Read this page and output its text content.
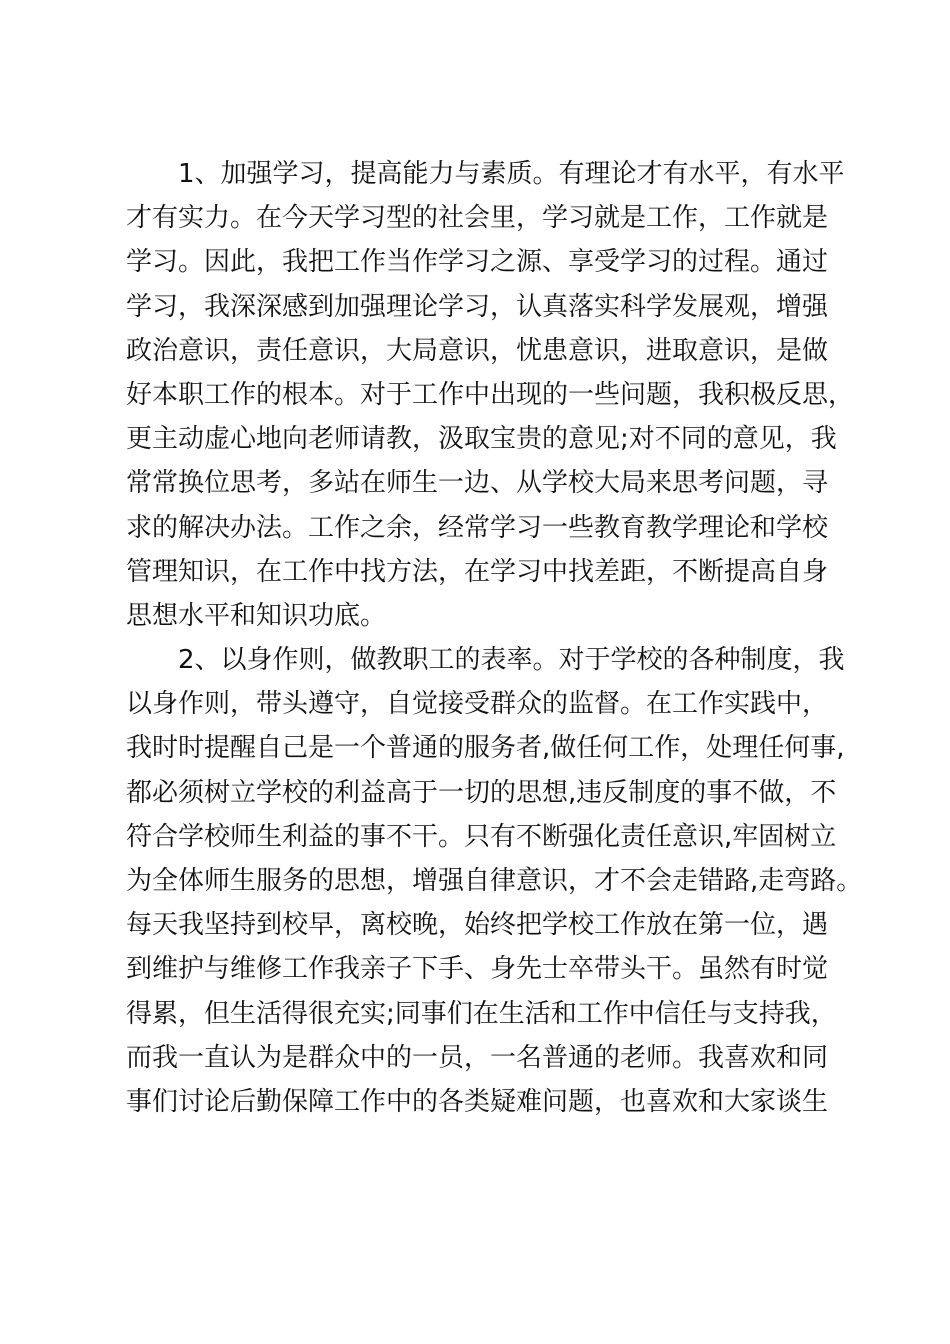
1、加强学习，提高能力与素质。有理论才有水平，有水平
才有实力。在今天学习型的社会里，学习就是工作，工作就是
学习。因此，我把工作当作学习之源、享受学习的过程。通过
学习，我深深感到加强理论学习，认真落实科学发展观，增强
政治意识，责任意识，大局意识，忧患意识，进取意识，是做
好本职工作的根本。对于工作中出现的一些问题，我积极反思，
更主动虚心地向老师请教，汲取宝贵的意见;对不同的意见，我
常常换位思考，多站在师生一边、从学校大局来思考问题，寻
求的解决办法。工作之余，经常学习一些教育教学理论和学校
管理知识，在工作中找方法，在学习中找差距，不断提高自身
思想水平和知识功底。
2、以身作则，做教职工的表率。对于学校的各种制度，我
以身作则，带头遵守，自觉接受群众的监督。在工作实践中，
我时时提醒自己是一个普通的服务者,做任何工作，处理任何事,
都必须树立学校的利益高于一切的思想,违反制度的事不做，不
符合学校师生利益的事不干。只有不断强化责任意识,牢固树立
为全体师生服务的思想，增强自律意识，才不会走错路,走弯路。
每天我坚持到校早，离校晚，始终把学校工作放在第一位，遇
到维护与维修工作我亲子下手、身先士卒带头干。虽然有时觉
得累，但生活得很充实;同事们在生活和工作中信任与支持我，
而我一直认为是群众中的一员，一名普通的老师。我喜欢和同
事们讨论后勤保障工作中的各类疑难问题，也喜欢和大家谈生
